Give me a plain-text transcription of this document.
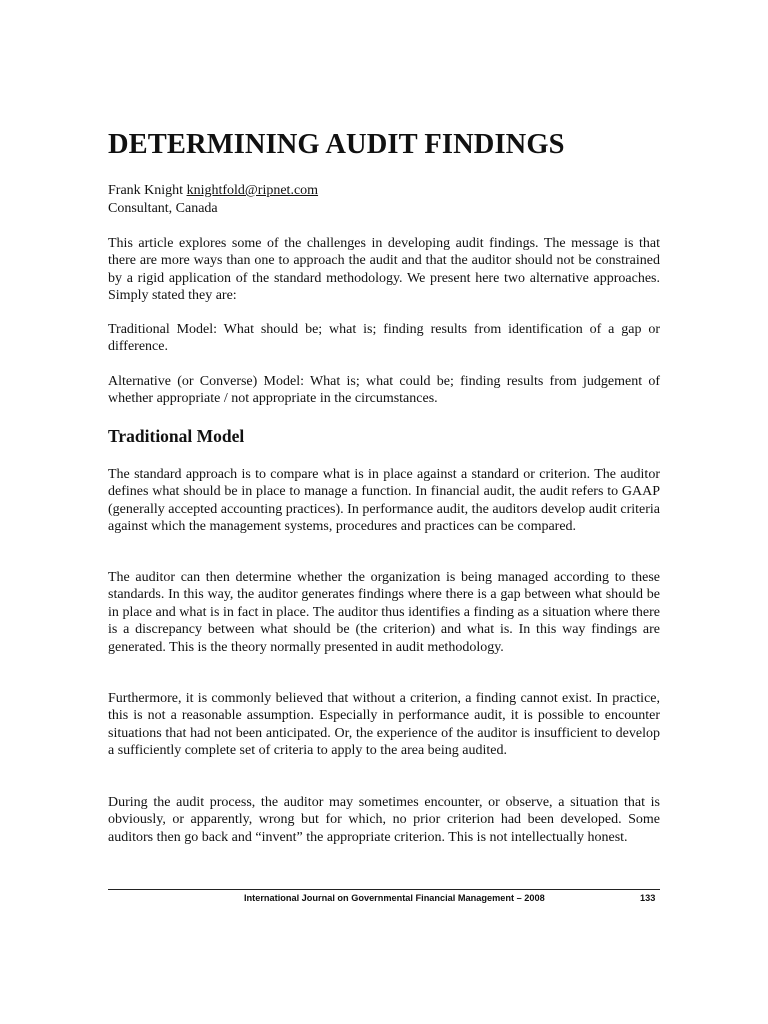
DETERMINING AUDIT FINDINGS
Frank Knight knightfold@ripnet.com
Consultant, Canada

This article explores some of the challenges in developing audit findings. The message is that there are more ways than one to approach the audit and that the auditor should not be constrained by a rigid application of the standard methodology. We present here two alternative approaches. Simply stated they are:

Traditional Model: What should be; what is; finding results from identification of a gap or difference.

Alternative (or Converse) Model: What is; what could be; finding results from judgement of whether appropriate / not appropriate in the circumstances.

Traditional Model

The standard approach is to compare what is in place against a standard or criterion. The auditor defines what should be in place to manage a function. In financial audit, the audit refers to GAAP (generally accepted accounting practices). In performance audit, the auditors develop audit criteria against which the management systems, procedures and practices can be compared.

The auditor can then determine whether the organization is being managed according to these standards. In this way, the auditor generates findings where there is a gap between what should be in place and what is in fact in place. The auditor thus identifies a finding as a situation where there is a discrepancy between what should be (the criterion) and what is. In this way findings are generated. This is the theory normally presented in audit methodology.

Furthermore, it is commonly believed that without a criterion, a finding cannot exist. In practice, this is not a reasonable assumption. Especially in performance audit, it is possible to encounter situations that had not been anticipated. Or, the experience of the auditor is insufficient to develop a sufficiently complete set of criteria to apply to the area being audited.

During the audit process, the auditor may sometimes encounter, or observe, a situation that is obviously, or apparently, wrong but for which, no prior criterion had been developed. Some auditors then go back and “invent” the appropriate criterion. This is not intellectually honest.

International Journal on Governmental Financial Management – 2008	133
